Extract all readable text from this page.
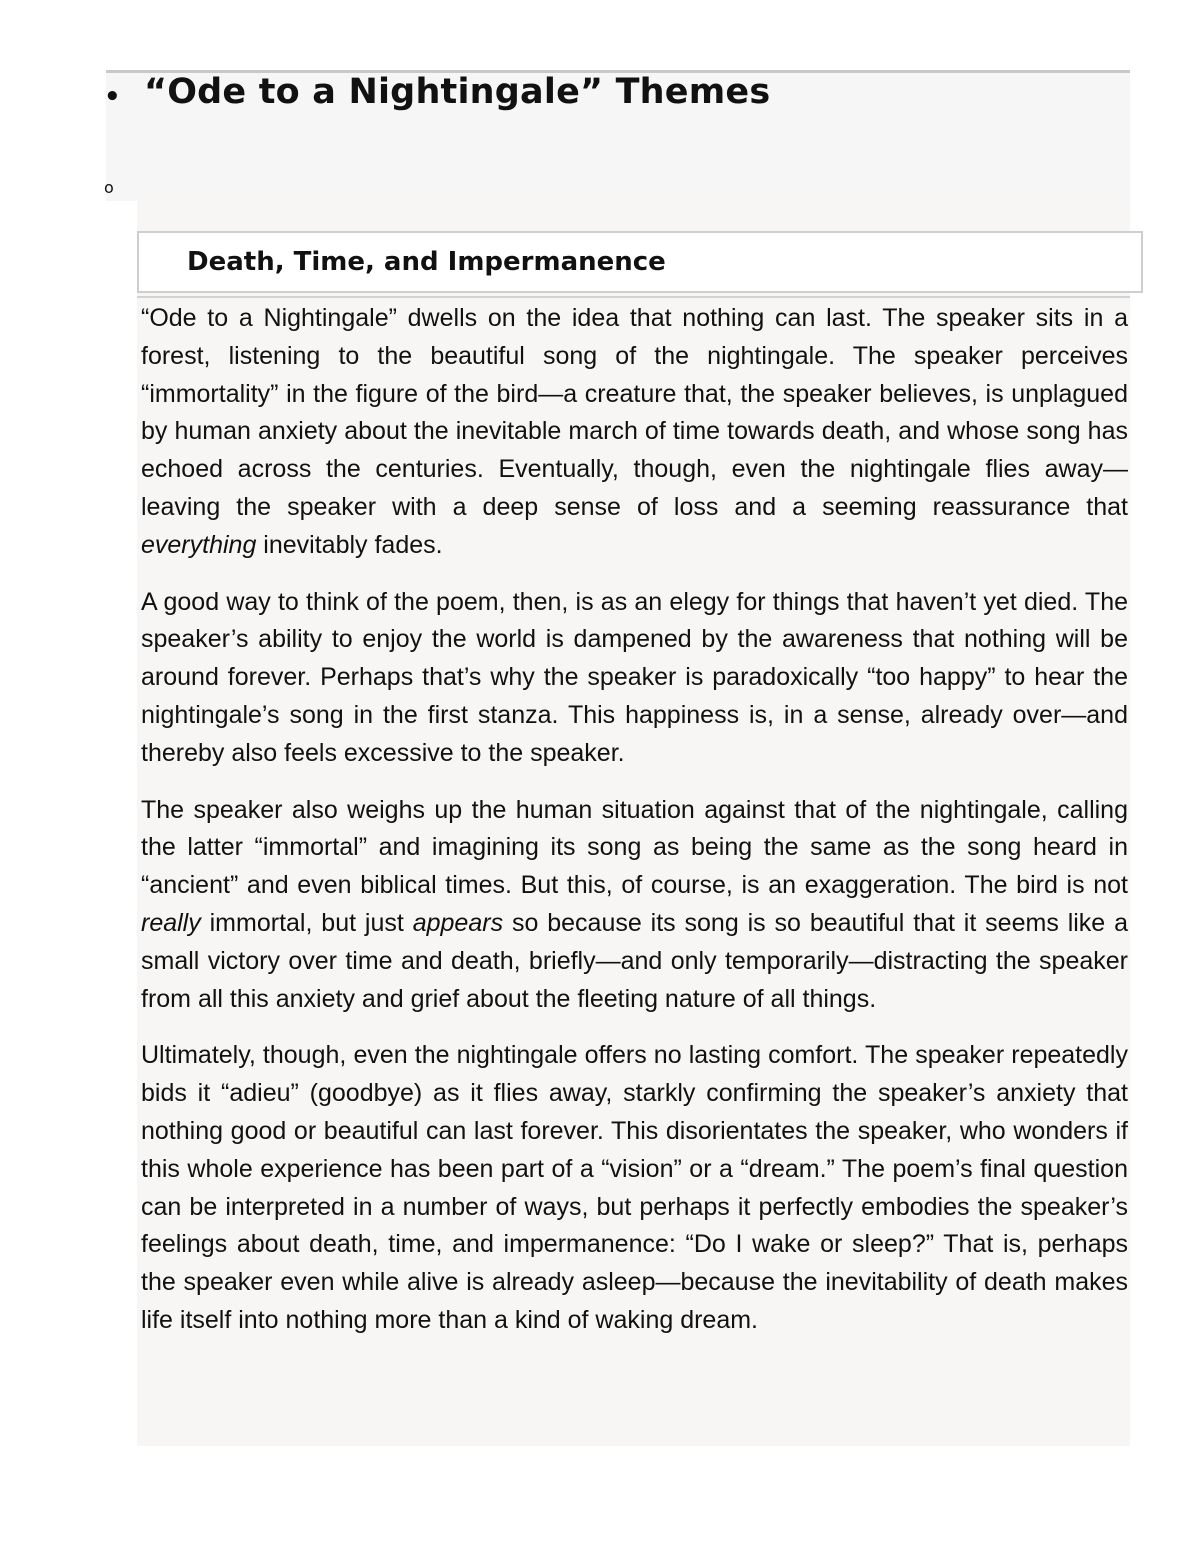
• “Ode to a Nightingale” Themes
o
Death, Time, and Impermanence

“Ode to a Nightingale” dwells on the idea that nothing can last. The speaker sits in a forest, listening to the beautiful song of the nightingale. The speaker perceives “immortality” in the figure of the bird—a creature that, the speaker believes, is unplagued by human anxiety about the inevitable march of time towards death, and whose song has echoed across the centuries. Eventually, though, even the nightingale flies away—leaving the speaker with a deep sense of loss and a seeming reassurance that everything inevitably fades.

A good way to think of the poem, then, is as an elegy for things that haven’t yet died. The speaker’s ability to enjoy the world is dampened by the awareness that nothing will be around forever. Perhaps that’s why the speaker is paradoxically “too happy” to hear the nightingale’s song in the first stanza. This happiness is, in a sense, already over—and thereby also feels excessive to the speaker.

The speaker also weighs up the human situation against that of the nightingale, calling the latter “immortal” and imagining its song as being the same as the song heard in “ancient” and even biblical times. But this, of course, is an exaggeration. The bird is not really immortal, but just appears so because its song is so beautiful that it seems like a small victory over time and death, briefly—and only temporarily—distracting the speaker from all this anxiety and grief about the fleeting nature of all things.

Ultimately, though, even the nightingale offers no lasting comfort. The speaker repeatedly bids it “adieu” (goodbye) as it flies away, starkly confirming the speaker’s anxiety that nothing good or beautiful can last forever. This disorientates the speaker, who wonders if this whole experience has been part of a “vision” or a “dream.” The poem’s final question can be interpreted in a number of ways, but perhaps it perfectly embodies the speaker’s feelings about death, time, and impermanence: “Do I wake or sleep?” That is, perhaps the speaker even while alive is already asleep—because the inevitability of death makes life itself into nothing more than a kind of waking dream.
